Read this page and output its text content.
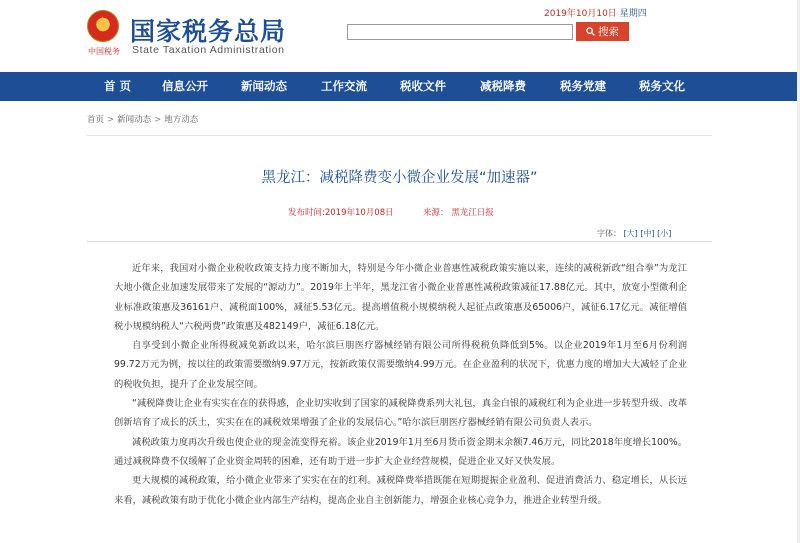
★
中国税务
国家税务总局
State Taxation Administration
2019年10月10日 星期四
搜索
首 页	信息公开	新闻动态	工作交流	税收文件	减税降费	税务党建	税务文化
首页 > 新闻动态 > 地方动态
黑龙江：减税降费变小微企业发展“加速器”
发布时间:2019年10月08日	来源： 黑龙江日报
字体： [大] [中] [小]

近年来，我国对小微企业税收政策支持力度不断加大，特别是今年小微企业普惠性减税政策实施以来，连续的减税新政“组合拳”为龙江大地小微企业加速发展带来了发展的“源动力”。2019年上半年，黑龙江省小微企业普惠性减税政策减征17.88亿元。其中，放宽小型微利企业标准政策惠及36161户、减税面100%，减征5.53亿元。提高增值税小规模纳税人起征点政策惠及65006户，减征6.17亿元。减征增值税小规模纳税人“六税两费”政策惠及482149户，减征6.18亿元。

自享受到小微企业所得税减免新政以来，哈尔滨巨朋医疗器械经销有限公司所得税税负降低到5%。以企业2019年1月至6月份利润99.72万元为例，按以往的政策需要缴纳9.97万元，按新政策仅需要缴纳4.99万元。在企业盈利的状况下，优惠力度的增加大大减轻了企业的税收负担，提升了企业发展空间。

“减税降费让企业有实实在在的获得感，企业切实收到了国家的减税降费系列大礼包，真金白银的减税红利为企业进一步转型升级、改革创新培育了成长的沃土，实实在在的减税效果增强了企业的发展信心。”哈尔滨巨朋医疗器械经销有限公司负责人表示。

减税政策力度再次升级也使企业的现金流变得充裕。该企业2019年1月至6月货币资金期末余额7.46万元，同比2018年度增长100%。通过减税降费不仅缓解了企业资金周转的困难，还有助于进一步扩大企业经营规模，促进企业又好又快发展。

更大规模的减税政策，给小微企业带来了实实在在的红利。减税降费举措既能在短期提振企业盈利、促进消费活力、稳定增长，从长远来看，减税政策有助于优化小微企业内部生产结构，提高企业自主创新能力，增强企业核心竞争力，推进企业转型升级。
